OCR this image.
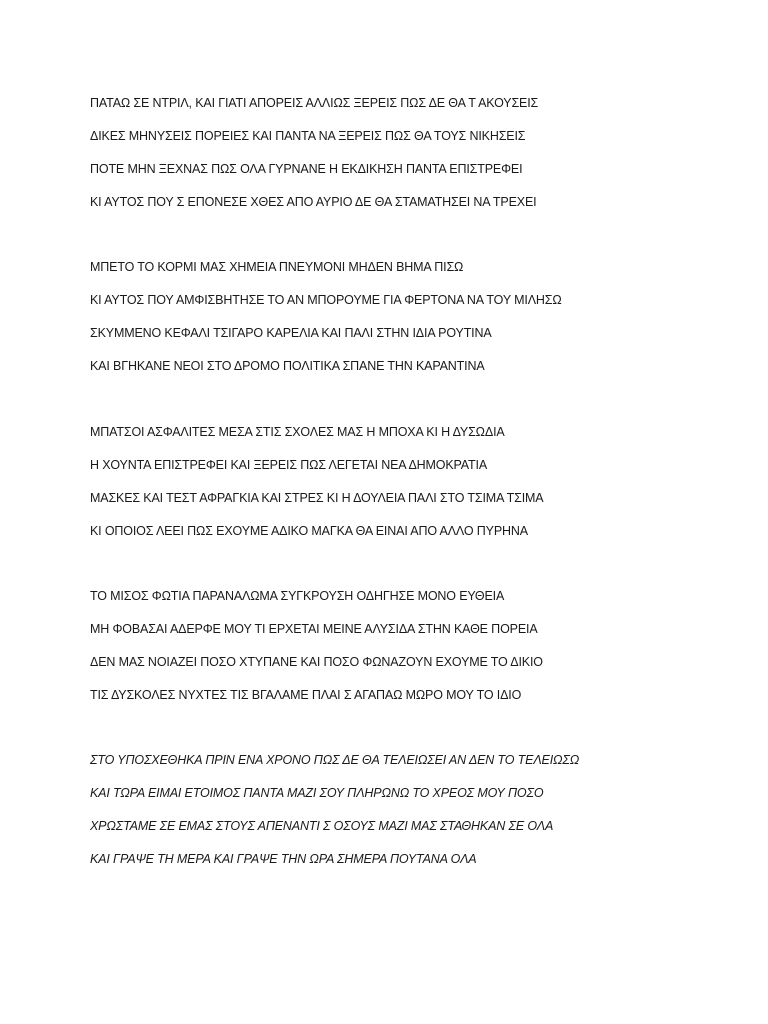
ΠΑΤΑΩ ΣΕ ΝΤΡΙΛ, ΚΑΙ ΓΙΑΤΙ ΑΠΟΡΕΙΣ ΑΛΛΙΩΣ ΞΕΡΕΙΣ ΠΩΣ ΔΕ ΘΑ Τ ΑΚΟΥΣΕΙΣ
ΔΙΚΕΣ ΜΗΝΥΣΕΙΣ ΠΟΡΕΙΕΣ ΚΑΙ ΠΑΝΤΑ ΝΑ ΞΕΡΕΙΣ ΠΩΣ ΘΑ ΤΟΥΣ ΝΙΚΗΣΕΙΣ
ΠΟΤΕ ΜΗΝ ΞΕΧΝΑΣ ΠΩΣ ΟΛΑ ΓΥΡΝΑΝΕ Η ΕΚΔΙΚΗΣΗ ΠΑΝΤΑ ΕΠΙΣΤΡΕΦΕΙ
ΚΙ ΑΥΤΟΣ ΠΟΥ Σ ΕΠΟΝΕΣΕ ΧΘΕΣ ΑΠΟ ΑΥΡΙΟ ΔΕ ΘΑ ΣΤΑΜΑΤΗΣΕΙ ΝΑ ΤΡΕΧΕΙ
ΜΠΕΤΟ ΤΟ ΚΟΡΜΙ ΜΑΣ ΧΗΜΕΙΑ ΠΝΕΥΜΟΝΙ ΜΗΔΕΝ ΒΗΜΑ ΠΙΣΩ
ΚΙ ΑΥΤΟΣ ΠΟΥ ΑΜΦΙΣΒΗΤΗΣΕ ΤΟ ΑΝ ΜΠΟΡΟΥΜΕ ΓΙΑ ΦΕΡΤΟΝΑ ΝΑ ΤΟΥ ΜΙΛΗΣΩ
ΣΚΥΜΜΕΝΟ ΚΕΦΑΛΙ ΤΣΙΓΑΡΟ ΚΑΡΕΛΙΑ ΚΑΙ ΠΑΛΙ ΣΤΗΝ ΙΔΙΑ ΡΟΥΤΙΝΑ
ΚΑΙ ΒΓΗΚΑΝΕ ΝΕΟΙ ΣΤΟ ΔΡΟΜΟ ΠΟΛΙΤΙΚΑ ΣΠΑΝΕ ΤΗΝ ΚΑΡΑΝΤΙΝΑ
ΜΠΑΤΣΟΙ ΑΣΦΑΛΙΤΕΣ ΜΕΣΑ ΣΤΙΣ ΣΧΟΛΕΣ ΜΑΣ Η ΜΠΟΧΑ ΚΙ Η ΔΥΣΩΔΙΑ
Η ΧΟΥΝΤΑ ΕΠΙΣΤΡΕΦΕΙ ΚΑΙ ΞΕΡΕΙΣ ΠΩΣ ΛΕΓΕΤΑΙ ΝΕΑ ΔΗΜΟΚΡΑΤΙΑ
ΜΑΣΚΕΣ ΚΑΙ ΤΕΣΤ ΑΦΡΑΓΚΙΑ ΚΑΙ ΣΤΡΕΣ ΚΙ Η ΔΟΥΛΕΙΑ ΠΑΛΙ ΣΤΟ ΤΣΙΜΑ ΤΣΙΜΑ
ΚΙ ΟΠΟΙΟΣ ΛΕΕΙ ΠΩΣ ΕΧΟΥΜΕ ΑΔΙΚΟ ΜΑΓΚΑ ΘΑ ΕΙΝΑΙ ΑΠΟ ΑΛΛΟ ΠΥΡΗΝΑ
ΤΟ ΜΙΣΟΣ ΦΩΤΙΑ ΠΑΡΑΝΑΛΩΜΑ ΣΥΓΚΡΟΥΣΗ ΟΔΗΓΗΣΕ ΜΟΝΟ ΕΥΘΕΙΑ
ΜΗ ΦΟΒΑΣΑΙ ΑΔΕΡΦΕ ΜΟΥ ΤΙ ΕΡΧΕΤΑΙ ΜΕΙΝΕ ΑΛΥΣΙΔΑ ΣΤΗΝ ΚΑΘΕ ΠΟΡΕΙΑ
ΔΕΝ ΜΑΣ ΝΟΙΑΖΕΙ ΠΟΣΟ ΧΤΥΠΑΝΕ ΚΑΙ ΠΟΣΟ ΦΩΝΑΖΟΥΝ ΕΧΟΥΜΕ ΤΟ ΔΙΚΙΟ
ΤΙΣ ΔΥΣΚΟΛΕΣ ΝΥΧΤΕΣ ΤΙΣ ΒΓΑΛΑΜΕ ΠΛΑΙ Σ ΑΓΑΠΑΩ ΜΩΡΟ ΜΟΥ ΤΟ ΙΔΙΟ
ΣΤΟ ΥΠΟΣΧΕΘΗΚΑ ΠΡΙΝ ΕΝΑ ΧΡΟΝΟ ΠΩΣ ΔΕ ΘΑ ΤΕΛΕΙΩΣΕΙ ΑΝ ΔΕΝ ΤΟ ΤΕΛΕΙΩΣΩ
ΚΑΙ ΤΩΡΑ ΕΙΜΑΙ ΕΤΟΙΜΟΣ ΠΑΝΤΑ ΜΑΖΙ ΣΟΥ ΠΛΗΡΩΝΩ ΤΟ ΧΡΕΟΣ ΜΟΥ ΠΟΣΟ
ΧΡΩΣΤΑΜΕ ΣΕ ΕΜΑΣ ΣΤΟΥΣ ΑΠΕΝΑΝΤΙ Σ ΟΣΟΥΣ ΜΑΖΙ ΜΑΣ ΣΤΑΘΗΚΑΝ ΣΕ ΟΛΑ
ΚΑΙ ΓΡΑΨΕ ΤΗ ΜΕΡΑ ΚΑΙ ΓΡΑΨΕ ΤΗΝ ΩΡΑ ΣΗΜΕΡΑ ΠΟΥΤΑΝΑ ΟΛΑ
